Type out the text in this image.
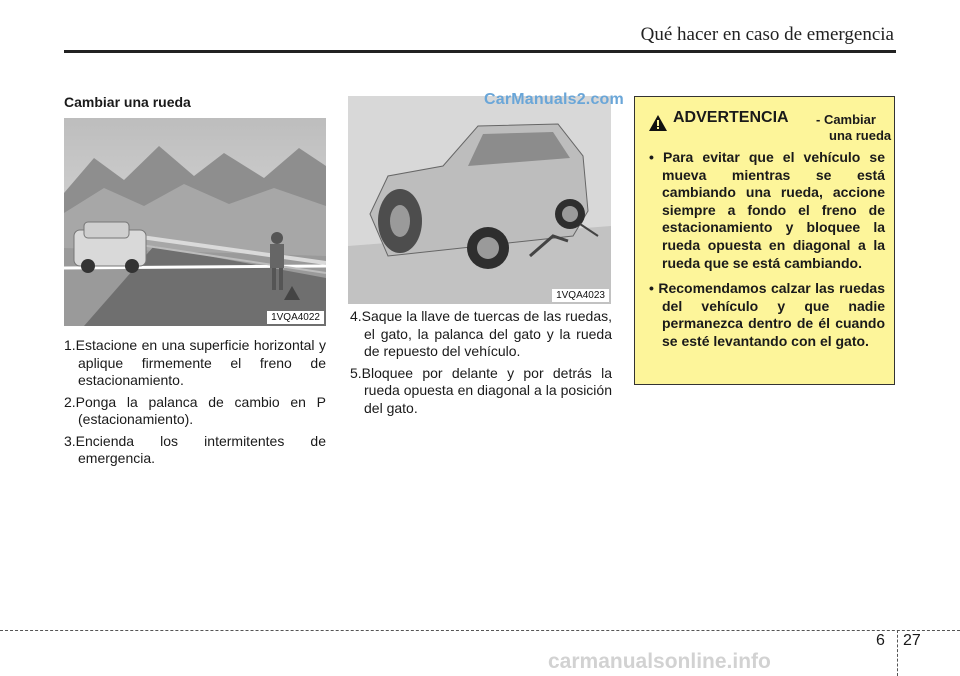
Qué hacer en caso de emergencia
Cambiar una rueda
1VQA4022
1.Estacione en una superficie horizontal y aplique firmemente el freno de estacionamiento.
2.Ponga la palanca de cambio en P (estacionamiento).
3.Encienda los intermitentes de emergencia.
1VQA4023
CarManuals2.com
4.Saque la llave de tuercas de las ruedas, el gato, la palanca del gato y la rueda de repuesto del vehículo.
5.Bloquee por delante y por detrás la rueda opuesta en diagonal a la posición del gato.
ADVERTENCIA - Cambiar
una rueda
• Para evitar que el vehículo se mueva mientras se está cambiando una rueda, accione siempre a fondo el freno de estacionamiento y bloquee la rueda opuesta en diagonal a la rueda que se está cambiando.
• Recomendamos calzar las ruedas del vehículo y que nadie permanezca dentro de él cuando se esté levantando con el gato.
6 27
carmanualsonline.info
